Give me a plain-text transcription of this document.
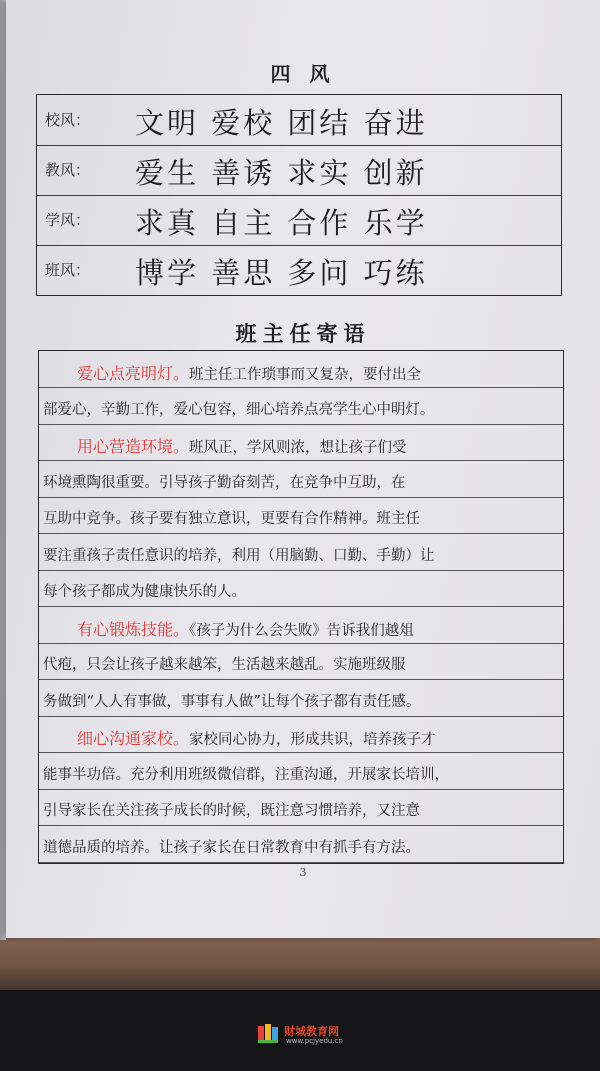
四 风
校风： 文明 爱校 团结 奋进
教风： 爱生 善诱 求实 创新
学风： 求真 自主 合作 乐学
班风： 博学 善思 多问 巧练
班主任寄语
爱心点亮明灯。班主任工作琐事而又复杂，要付出全
部爱心，辛勤工作，爱心包容，细心培养点亮学生心中明灯。
用心营造环境。班风正，学风则浓，想让孩子们受
环境熏陶很重要。引导孩子勤奋刻苦，在竞争中互助，在
互助中竞争。孩子要有独立意识，更要有合作精神。班主任
要注重孩子责任意识的培养，利用（用脑勤、口勤、手勤）让
每个孩子都成为健康快乐的人。
有心锻炼技能。《孩子为什么会失败》告诉我们越俎
代疱，只会让孩子越来越笨，生活越来越乱。实施班级服
务做到“人人有事做，事事有人做”让每个孩子都有责任感。
细心沟通家校。家校同心协力，形成共识，培养孩子才
能事半功倍。充分利用班级微信群，注重沟通，开展家长培训，
引导家长在关注孩子成长的时候，既注意习惯培养，又注意
道德品质的培养。让孩子家长在日常教育中有抓手有方法。
3
财城教育网
www.pcjyedu.cn
